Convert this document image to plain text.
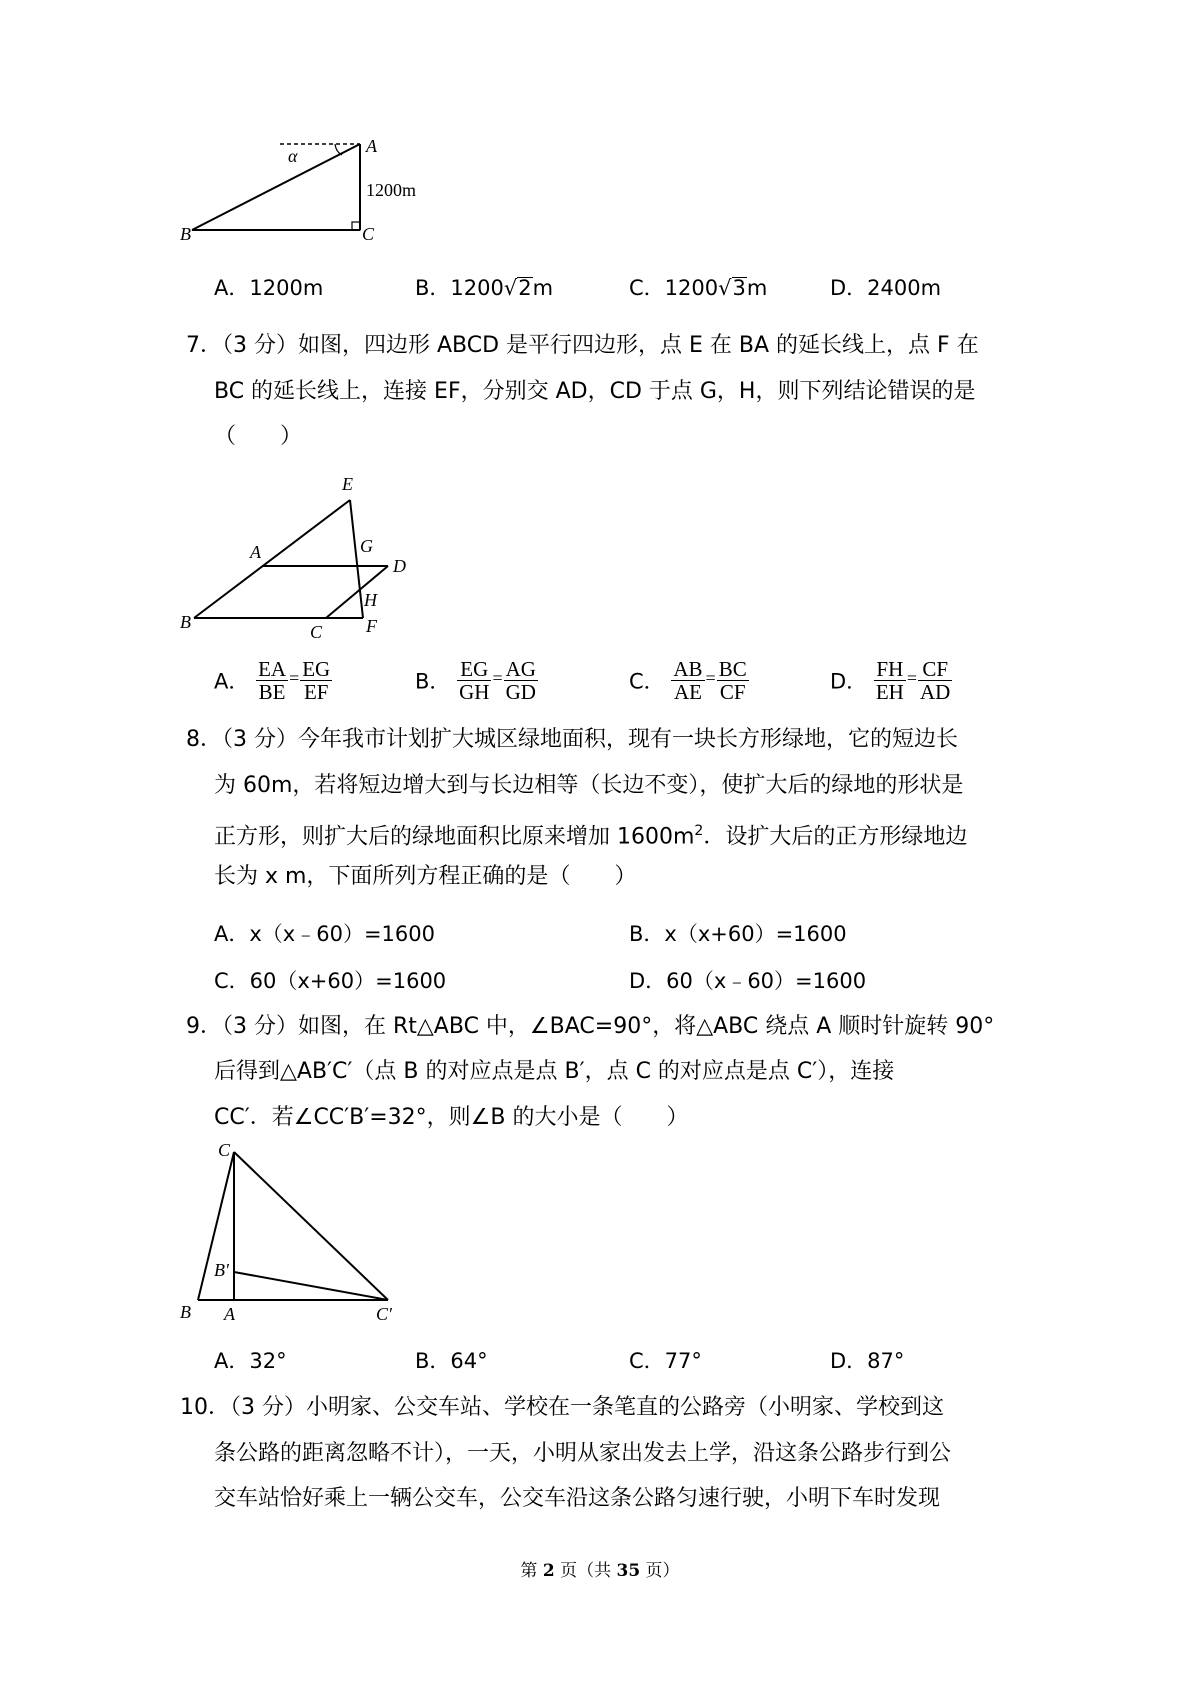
α	A
1200m
B	C
A．1200m	B．1200√2m	C．1200√3m	D．2400m
7．（3 分）如图，四边形 ABCD 是平行四边形，点 E 在 BA 的延长线上，点 F 在
BC 的延长线上，连接 EF，分别交 AD，CD 于点 G，H，则下列结论错误的是
（　　）
E
A	G
D
H
B	C F
A． $\frac{EA}{BE} = \frac{EG}{EF}$	B． $\frac{EG}{GH} = \frac{AG}{GD}$	C． $\frac{AB}{AE} = \frac{BC}{CF}$	D． $\frac{FH}{EH} = \frac{CF}{AD}$
8．（3 分）今年我市计划扩大城区绿地面积，现有一块长方形绿地，它的短边长
为 60m，若将短边增大到与长边相等（长边不变），使扩大后的绿地的形状是
正方形，则扩大后的绿地面积比原来增加 $1600m^2$．设扩大后的正方形绿地边
长为 x m，下面所列方程正确的是（　　）
A．x（x﹣60）=1600	B．x（x+60）=1600
C．60（x+60）=1600	D．60（x﹣60）=1600
9．（3 分）如图，在 Rt△ABC 中，∠BAC=90°，将△ABC 绕点 A 顺时针旋转 90°
后得到△AB′C′（点 B 的对应点是点 B′，点 C 的对应点是点 C′），连接
CC′．若∠CC′B′=32°，则∠B 的大小是（　　）
C
B′
B A	C′
A．32°	B．64°	C．77°	D．87°
10．（3 分）小明家、公交车站、学校在一条笔直的公路旁（小明家、学校到这
条公路的距离忽略不计），一天，小明从家出发去上学，沿这条公路步行到公
交车站恰好乘上一辆公交车，公交车沿这条公路匀速行驶，小明下车时发现
第 2 页（共 35 页）
